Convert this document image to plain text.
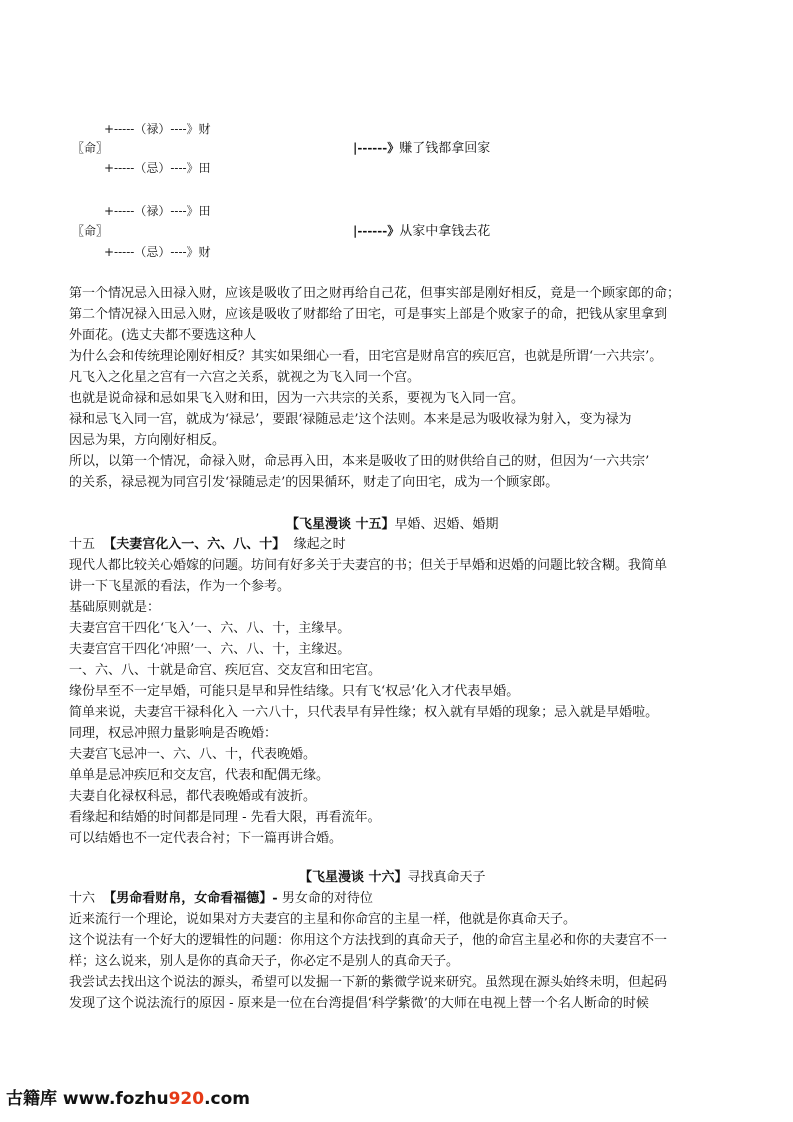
+-----（禄）----》财
〖命〗	|------》赚了钱都拿回家
+-----（忌）----》田
+-----（禄）----》田
〖命〗	|------》从家中拿钱去花
+-----（忌）----》财
第一个情况忌入田禄入财，应该是吸收了田之财再给自己花，但事实部是刚好相反，竟是一个顾家郎的命；
第二个情况禄入田忌入财，应该是吸收了财都给了田宅，可是事实上部是个败家子的命，把钱从家里拿到
外面花。(选丈夫都不要选这种人
为什么会和传统理论刚好相反？其实如果细心一看，田宅宫是财帛宫的疾厄宫，也就是所谓‘一六共宗’。
凡飞入之化星之宫有一六宫之关系，就视之为飞入同一个宫。
也就是说命禄和忌如果飞入财和田，因为一六共宗的关系，要视为飞入同一宫。
禄和忌飞入同一宫，就成为‘禄忌’，要跟‘禄随忌走’这个法则。本来是忌为吸收禄为射入，变为禄为
因忌为果，方向刚好相反。
所以，以第一个情况，命禄入财，命忌再入田，本来是吸收了田的财供给自己的财，但因为‘一六共宗’
的关系，禄忌视为同宫引发‘禄随忌走’的因果循环，财走了向田宅，成为一个顾家郎。
【飞星漫谈 十五】早婚、迟婚、婚期
十五 【夫妻宫化入一、六、八、十】 缘起之时
现代人都比较关心婚嫁的问题。坊间有好多关于夫妻宫的书；但关于早婚和迟婚的问题比较含糊。我简单
讲一下飞星派的看法，作为一个参考。
基础原则就是：
夫妻宫宫干四化‘飞入’一、六、八、十，主缘早。
夫妻宫宫干四化‘冲照’一、六、八、十，主缘迟。
一、六、八、十就是命宫、疾厄宫、交友宫和田宅宫。
缘份早至不一定早婚，可能只是早和异性结缘。只有飞‘权忌’化入才代表早婚。
简单来说，夫妻宫干禄科化入 一六八十，只代表早有异性缘；权入就有早婚的现象；忌入就是早婚啦。
同理，权忌冲照力量影响是否晚婚：
夫妻宫飞忌冲一、六、八、十，代表晚婚。
单单是忌冲疾厄和交友宫，代表和配偶无缘。
夫妻自化禄权科忌，都代表晚婚或有波折。
看缘起和结婚的时间都是同理 - 先看大限，再看流年。
可以结婚也不一定代表合衬；下一篇再讲合婚。
【飞星漫谈 十六】寻找真命天子
十六 【男命看财帛，女命看福德】- 男女命的对待位
近来流行一个理论，说如果对方夫妻宫的主星和你命宫的主星一样，他就是你真命天子。
这个说法有一个好大的逻辑性的问题：你用这个方法找到的真命天子，他的命宫主星必和你的夫妻宫不一
样；这么说来，别人是你的真命天子，你必定不是别人的真命天子。
我尝试去找出这个说法的源头，希望可以发掘一下新的紫微学说来研究。虽然现在源头始终未明，但起码
发现了这个说法流行的原因 - 原来是一位在台湾提倡‘科学紫微’的大师在电视上替一个名人断命的时候
古籍库 www.fozhu920.com
